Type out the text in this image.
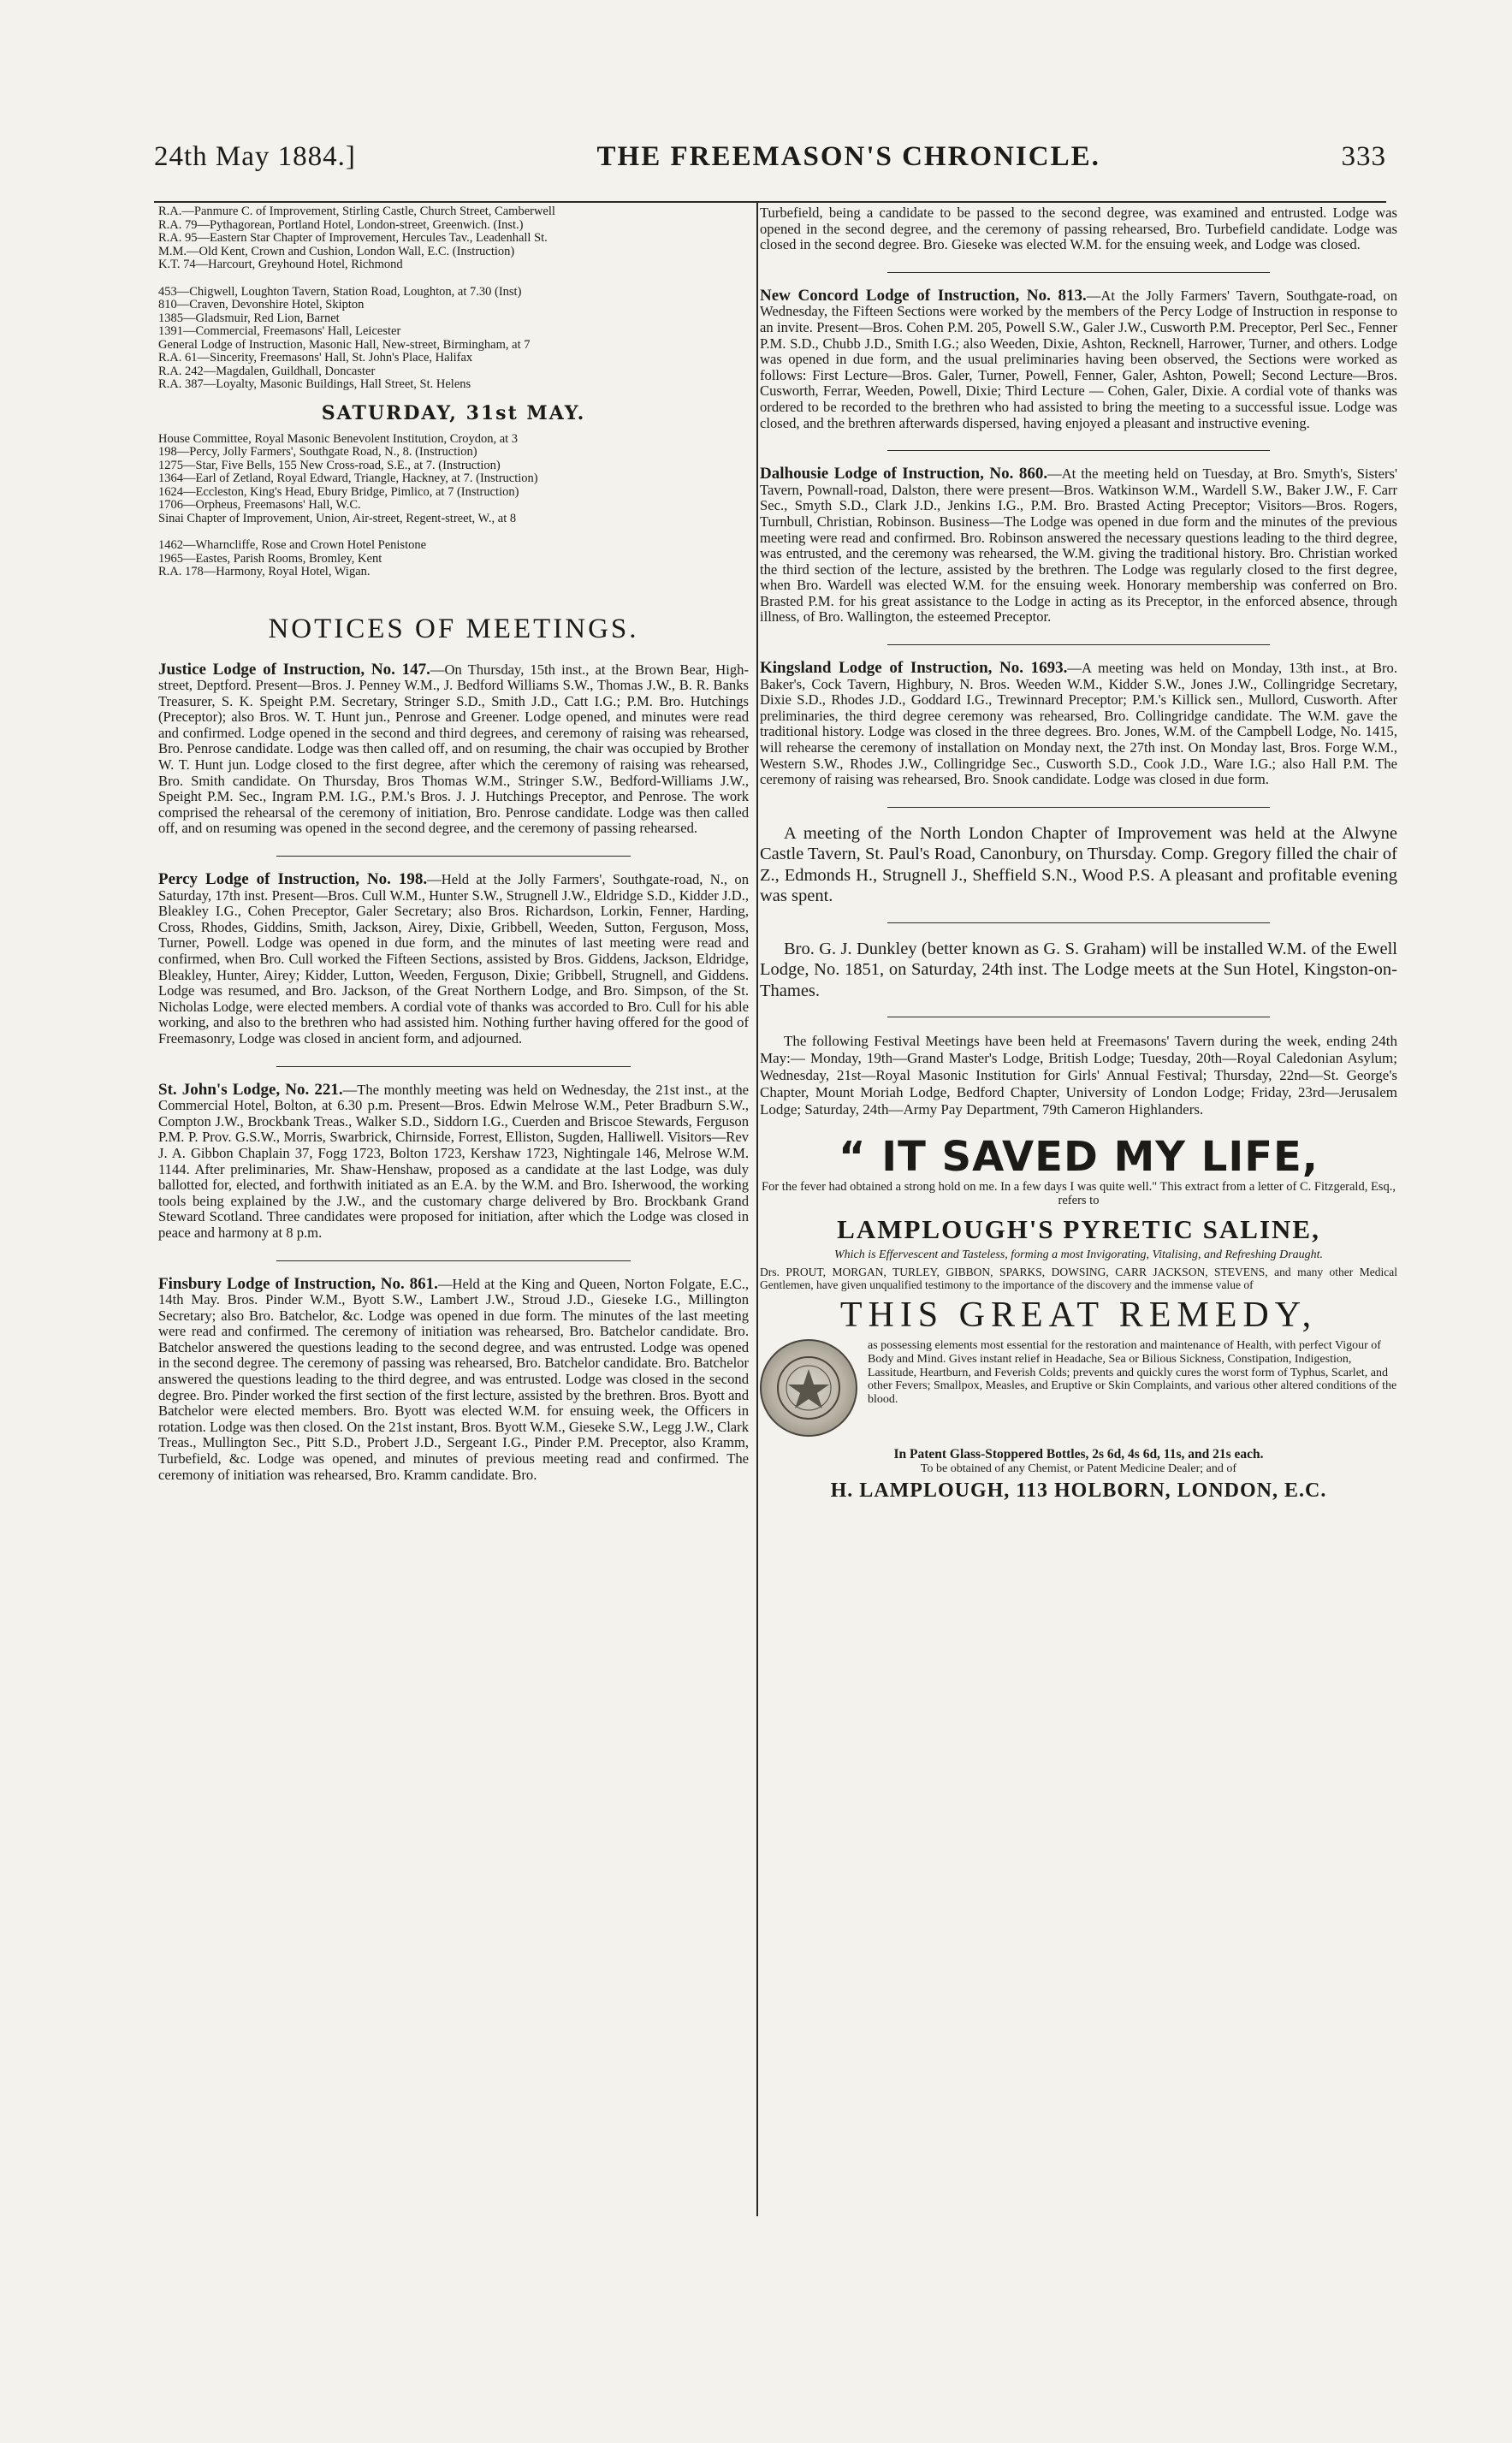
24th May 1884.]	THE FREEMASON'S CHRONICLE.	333
R.A.—Panmure C. of Improvement, Stirling Castle, Church Street, Camberwell
R.A. 79—Pythagorean, Portland Hotel, London-street, Greenwich. (Inst.)
R.A. 95—Eastern Star Chapter of Improvement, Hercules Tav., Leadenhall St.
M.M.—Old Kent, Crown and Cushion, London Wall, E.C. (Instruction)
K.T. 74—Harcourt, Greyhound Hotel, Richmond
453—Chigwell, Loughton Tavern, Station Road, Loughton, at 7.30 (Inst)
810—Craven, Devonshire Hotel, Skipton
1385—Gladsmuir, Red Lion, Barnet
1391—Commercial, Freemasons' Hall, Leicester
General Lodge of Instruction, Masonic Hall, New-street, Birmingham, at 7
R.A. 61—Sincerity, Freemasons' Hall, St. John's Place, Halifax
R.A. 242—Magdalen, Guildhall, Doncaster
R.A. 387—Loyalty, Masonic Buildings, Hall Street, St. Helens
SATURDAY, 31st MAY.
House Committee, Royal Masonic Benevolent Institution, Croydon, at 3
198—Percy, Jolly Farmers', Southgate Road, N., 8. (Instruction)
1275—Star, Five Bells, 155 New Cross-road, S.E., at 7. (Instruction)
1364—Earl of Zetland, Royal Edward, Triangle, Hackney, at 7. (Instruction)
1624—Eccleston, King's Head, Ebury Bridge, Pimlico, at 7 (Instruction)
1706—Orpheus, Freemasons' Hall, W.C.
Sinai Chapter of Improvement, Union, Air-street, Regent-street, W., at 8
1462—Wharncliffe, Rose and Crown Hotel Penistone
1965—Eastes, Parish Rooms, Bromley, Kent
R.A. 178—Harmony, Royal Hotel, Wigan.
NOTICES OF MEETINGS.
Justice Lodge of Instruction, No. 147.—On Thursday, 15th inst., at the Brown Bear, High-street, Deptford. Present—Bros. J. Penney W.M., J. Bedford Williams S.W., Thomas J.W., B. R. Banks Treasurer, S. K. Speight P.M. Secretary, Stringer S.D., Smith J.D., Catt I.G.; P.M. Bro. Hutchings (Preceptor); also Bros. W. T. Hunt jun., Penrose and Greener. Lodge opened, and minutes were read and confirmed. Lodge opened in the second and third degrees, and ceremony of raising was rehearsed, Bro. Penrose candidate. Lodge was then called off, and on resuming, the chair was occupied by Brother W. T. Hunt jun. Lodge closed to the first degree, after which the ceremony of raising was rehearsed, Bro. Smith candidate. On Thursday, Bros Thomas W.M., Stringer S.W., Bedford-Williams J.W., Speight P.M. Sec., Ingram P.M. I.G., P.M.'s Bros. J. J. Hutchings Preceptor, and Penrose. The work comprised the rehearsal of the ceremony of initiation, Bro. Penrose candidate. Lodge was then called off, and on resuming was opened in the second degree, and the ceremony of passing rehearsed.
Percy Lodge of Instruction, No. 198.—Held at the Jolly Farmers', Southgate-road, N., on Saturday, 17th inst. Present—Bros. Cull W.M., Hunter S.W., Strugnell J.W., Eldridge S.D., Kidder J.D., Bleakley I.G., Cohen Preceptor, Galer Secretary; also Bros. Richardson, Lorkin, Fenner, Harding, Cross, Rhodes, Giddins, Smith, Jackson, Airey, Dixie, Gribbell, Weeden, Sutton, Ferguson, Moss, Turner, Powell. Lodge was opened in due form, and the minutes of last meeting were read and confirmed, when Bro. Cull worked the Fifteen Sections, assisted by Bros. Giddens, Jackson, Eldridge, Bleakley, Hunter, Airey; Kidder, Lutton, Weeden, Ferguson, Dixie; Gribbell, Strugnell, and Giddens. Lodge was resumed, and Bro. Jackson, of the Great Northern Lodge, and Bro. Simpson, of the St. Nicholas Lodge, were elected members. A cordial vote of thanks was accorded to Bro. Cull for his able working, and also to the brethren who had assisted him. Nothing further having offered for the good of Freemasonry, Lodge was closed in ancient form, and adjourned.
St. John's Lodge, No. 221.—The monthly meeting was held on Wednesday, the 21st inst., at the Commercial Hotel, Bolton, at 6.30 p.m. Present—Bros. Edwin Melrose W.M., Peter Bradburn S.W., Compton J.W., Brockbank Treas., Walker S.D., Siddorn I.G., Cuerden and Briscoe Stewards, Ferguson P.M. P. Prov. G.S.W., Morris, Swarbrick, Chirnside, Forrest, Elliston, Sugden, Halliwell. Visitors—Rev J. A. Gibbon Chaplain 37, Fogg 1723, Bolton 1723, Kershaw 1723, Nightingale 146, Melrose W.M. 1144. After preliminaries, Mr. Shaw-Henshaw, proposed as a candidate at the last Lodge, was duly ballotted for, elected, and forthwith initiated as an E.A. by the W.M. and Bro. Isherwood, the working tools being explained by the J.W., and the customary charge delivered by Bro. Brockbank Grand Steward Scotland. Three candidates were proposed for initiation, after which the Lodge was closed in peace and harmony at 8 p.m.
Finsbury Lodge of Instruction, No. 861.—Held at the King and Queen, Norton Folgate, E.C., 14th May. Bros. Pinder W.M., Byott S.W., Lambert J.W., Stroud J.D., Gieseke I.G., Millington Secretary; also Bro. Batchelor, &c. Lodge was opened in due form. The minutes of the last meeting were read and confirmed. The ceremony of initiation was rehearsed, Bro. Batchelor candidate. Bro. Batchelor answered the questions leading to the second degree, and was entrusted. Lodge was opened in the second degree. The ceremony of passing was rehearsed, Bro. Batchelor candidate. Bro. Batchelor answered the questions leading to the third degree, and was entrusted. Lodge was closed in the second degree. Bro. Pinder worked the first section of the first lecture, assisted by the brethren. Bros. Byott and Batchelor were elected members. Bro. Byott was elected W.M. for ensuing week, the Officers in rotation. Lodge was then closed. On the 21st instant, Bros. Byott W.M., Gieseke S.W., Legg J.W., Clark Treas., Mullington Sec., Pitt S.D., Probert J.D., Sergeant I.G., Pinder P.M. Preceptor, also Kramm, Turbefield, &c. Lodge was opened, and minutes of previous meeting read and confirmed. The ceremony of initiation was rehearsed, Bro. Kramm candidate. Bro.
Turbefield, being a candidate to be passed to the second degree, was examined and entrusted. Lodge was opened in the second degree, and the ceremony of passing rehearsed, Bro. Turbefield candidate. Lodge was closed in the second degree. Bro. Gieseke was elected W.M. for the ensuing week, and Lodge was closed.
New Concord Lodge of Instruction, No. 813.—At the Jolly Farmers' Tavern, Southgate-road, on Wednesday, the Fifteen Sections were worked by the members of the Percy Lodge of Instruction in response to an invite. Present—Bros. Cohen P.M. 205, Powell S.W., Galer J.W., Cusworth P.M. Preceptor, Perl Sec., Fenner P.M. S.D., Chubb J.D., Smith I.G.; also Weeden, Dixie, Ashton, Recknell, Harrower, Turner, and others. Lodge was opened in due form, and the usual preliminaries having been observed, the Sections were worked as follows: First Lecture—Bros. Galer, Turner, Powell, Fenner, Galer, Ashton, Powell; Second Lecture—Bros. Cusworth, Ferrar, Weeden, Powell, Dixie; Third Lecture — Cohen, Galer, Dixie. A cordial vote of thanks was ordered to be recorded to the brethren who had assisted to bring the meeting to a successful issue. Lodge was closed, and the brethren afterwards dispersed, having enjoyed a pleasant and instructive evening.
Dalhousie Lodge of Instruction, No. 860.—At the meeting held on Tuesday, at Bro. Smyth's, Sisters' Tavern, Pownall-road, Dalston, there were present—Bros. Watkinson W.M., Wardell S.W., Baker J.W., F. Carr Sec., Smyth S.D., Clark J.D., Jenkins I.G., P.M. Bro. Brasted Acting Preceptor; Visitors—Bros. Rogers, Turnbull, Christian, Robinson. Business—The Lodge was opened in due form and the minutes of the previous meeting were read and confirmed. Bro. Robinson answered the necessary questions leading to the third degree, was entrusted, and the ceremony was rehearsed, the W.M. giving the traditional history. Bro. Christian worked the third section of the lecture, assisted by the brethren. The Lodge was regularly closed to the first degree, when Bro. Wardell was elected W.M. for the ensuing week. Honorary membership was conferred on Bro. Brasted P.M. for his great assistance to the Lodge in acting as its Preceptor, in the enforced absence, through illness, of Bro. Wallington, the esteemed Preceptor.
Kingsland Lodge of Instruction, No. 1693.—A meeting was held on Monday, 13th inst., at Bro. Baker's, Cock Tavern, Highbury, N. Bros. Weeden W.M., Kidder S.W., Jones J.W., Collingridge Secretary, Dixie S.D., Rhodes J.D., Goddard I.G., Trewinnard Preceptor; P.M.'s Killick sen., Mullord, Cusworth. After preliminaries, the third degree ceremony was rehearsed, Bro. Collingridge candidate. The W.M. gave the traditional history. Lodge was closed in the three degrees. Bro. Jones, W.M. of the Campbell Lodge, No. 1415, will rehearse the ceremony of installation on Monday next, the 27th inst. On Monday last, Bros. Forge W.M., Western S.W., Rhodes J.W., Collingridge Sec., Cusworth S.D., Cook J.D., Ware I.G.; also Hall P.M. The ceremony of raising was rehearsed, Bro. Snook candidate. Lodge was closed in due form.
A meeting of the North London Chapter of Improvement was held at the Alwyne Castle Tavern, St. Paul's Road, Canonbury, on Thursday. Comp. Gregory filled the chair of Z., Edmonds H., Strugnell J., Sheffield S.N., Wood P.S. A pleasant and profitable evening was spent.
Bro. G. J. Dunkley (better known as G. S. Graham) will be installed W.M. of the Ewell Lodge, No. 1851, on Saturday, 24th inst. The Lodge meets at the Sun Hotel, Kingston-on-Thames.
The following Festival Meetings have been held at Freemasons' Tavern during the week, ending 24th May:— Monday, 19th—Grand Master's Lodge, British Lodge; Tuesday, 20th—Royal Caledonian Asylum; Wednesday, 21st—Royal Masonic Institution for Girls' Annual Festival; Thursday, 22nd—St. George's Chapter, Mount Moriah Lodge, Bedford Chapter, University of London Lodge; Friday, 23rd—Jerusalem Lodge; Saturday, 24th—Army Pay Department, 79th Cameron Highlanders.
“ IT SAVED MY LIFE,
For the fever had obtained a strong hold on me. In a few days I was quite well." This extract from a letter of C. Fitzgerald, Esq., refers to
LAMPLOUGH'S PYRETIC SALINE,
Which is Effervescent and Tasteless, forming a most Invigorating, Vitalising, and Refreshing Draught.
Drs. PROUT, MORGAN, TURLEY, GIBBON, SPARKS, DOWSING, CARR JACKSON, STEVENS, and many other Medical Gentlemen, have given unqualified testimony to the importance of the discovery and the immense value of
THIS GREAT REMEDY,
as possessing elements most essential for the restoration and maintenance of Health, with perfect Vigour of Body and Mind. Gives instant relief in Headache, Sea or Bilious Sickness, Constipation, Indigestion, Lassitude, Heartburn, and Feverish Colds; prevents and quickly cures the worst form of Typhus, Scarlet, and other Fevers; Smallpox, Measles, and Eruptive or Skin Complaints, and various other altered conditions of the blood.
In Patent Glass-Stoppered Bottles, 2s 6d, 4s 6d, 11s, and 21s each.
To be obtained of any Chemist, or Patent Medicine Dealer; and of
H. LAMPLOUGH, 113 HOLBORN, LONDON, E.C.
